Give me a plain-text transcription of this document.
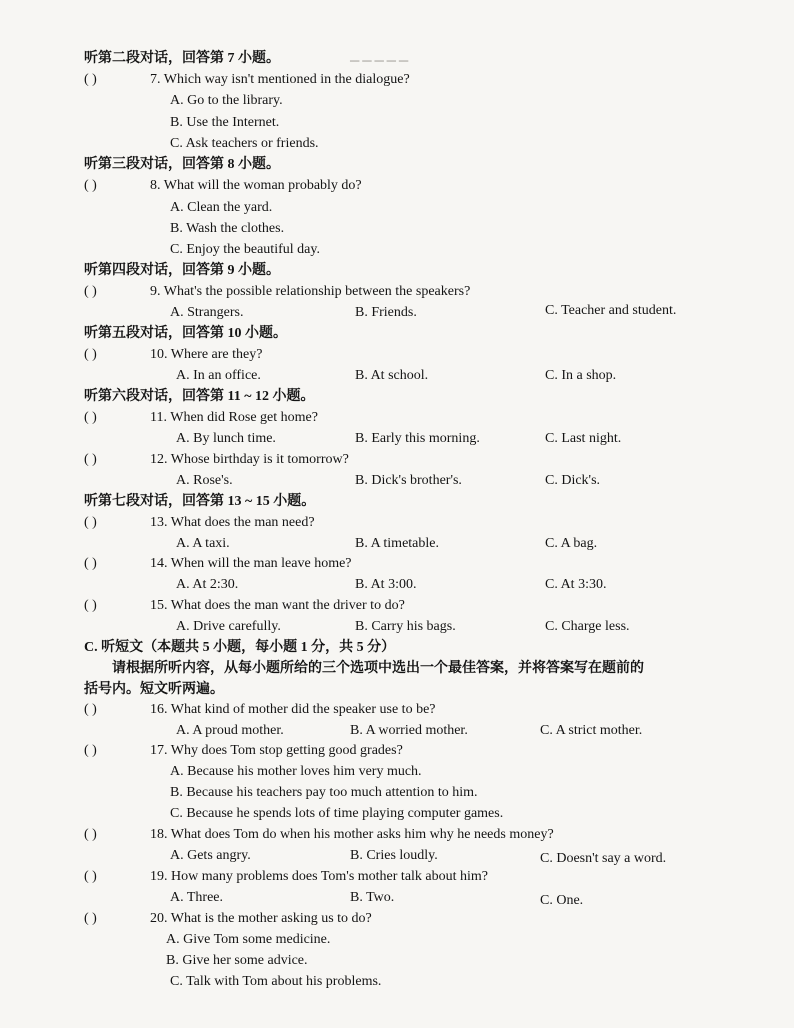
▁ ▁ ▁ ▁ ▁
听第二段对话，回答第 7 小题。
( )	7. Which way isn't mentioned in the dialogue?
A. Go to the library.
B. Use the Internet.
C. Ask teachers or friends.
听第三段对话，回答第 8 小题。
( )	8. What will the woman probably do?
A. Clean the yard.
B. Wash the clothes.
C. Enjoy the beautiful day.
听第四段对话，回答第 9 小题。
( )	9. What's the possible relationship between the speakers?
A. Strangers.	B. Friends.	C. Teacher and student.
听第五段对话，回答第 10 小题。
( )	10. Where are they?
A. In an office.	B. At school.	C. In a shop.
听第六段对话，回答第 11 ~ 12 小题。
( )	11. When did Rose get home?
A. By lunch time.	B. Early this morning.	C. Last night.
( )	12. Whose birthday is it tomorrow?
A. Rose's.	B. Dick's brother's.	C. Dick's.
听第七段对话，回答第 13 ~ 15 小题。
( )	13. What does the man need?
A. A taxi.	B. A timetable.	C. A bag.
( )	14. When will the man leave home?
A. At 2:30.	B. At 3:00.	C. At 3:30.
( )	15. What does the man want the driver to do?
A. Drive carefully.	B. Carry his bags.	C. Charge less.
C. 听短文（本题共 5 小题，每小题 1 分，共 5 分）
请根据所听内容，从每小题所给的三个选项中选出一个最佳答案，并将答案写在题前的
括号内。短文听两遍。
( )	16. What kind of mother did the speaker use to be?
A. A proud mother.	B. A worried mother.	C. A strict mother.
( )	17. Why does Tom stop getting good grades?
A. Because his mother loves him very much.
B. Because his teachers pay too much attention to him.
C. Because he spends lots of time playing computer games.
( )	18. What does Tom do when his mother asks him why he needs money?
A. Gets angry.	B. Cries loudly.	C. Doesn't say a word.
( )	19. How many problems does Tom's mother talk about him?
A. Three.	B. Two.	C. One.
( )	20. What is the mother asking us to do?
A. Give Tom some medicine.
B. Give her some advice.
C. Talk with Tom about his problems.
